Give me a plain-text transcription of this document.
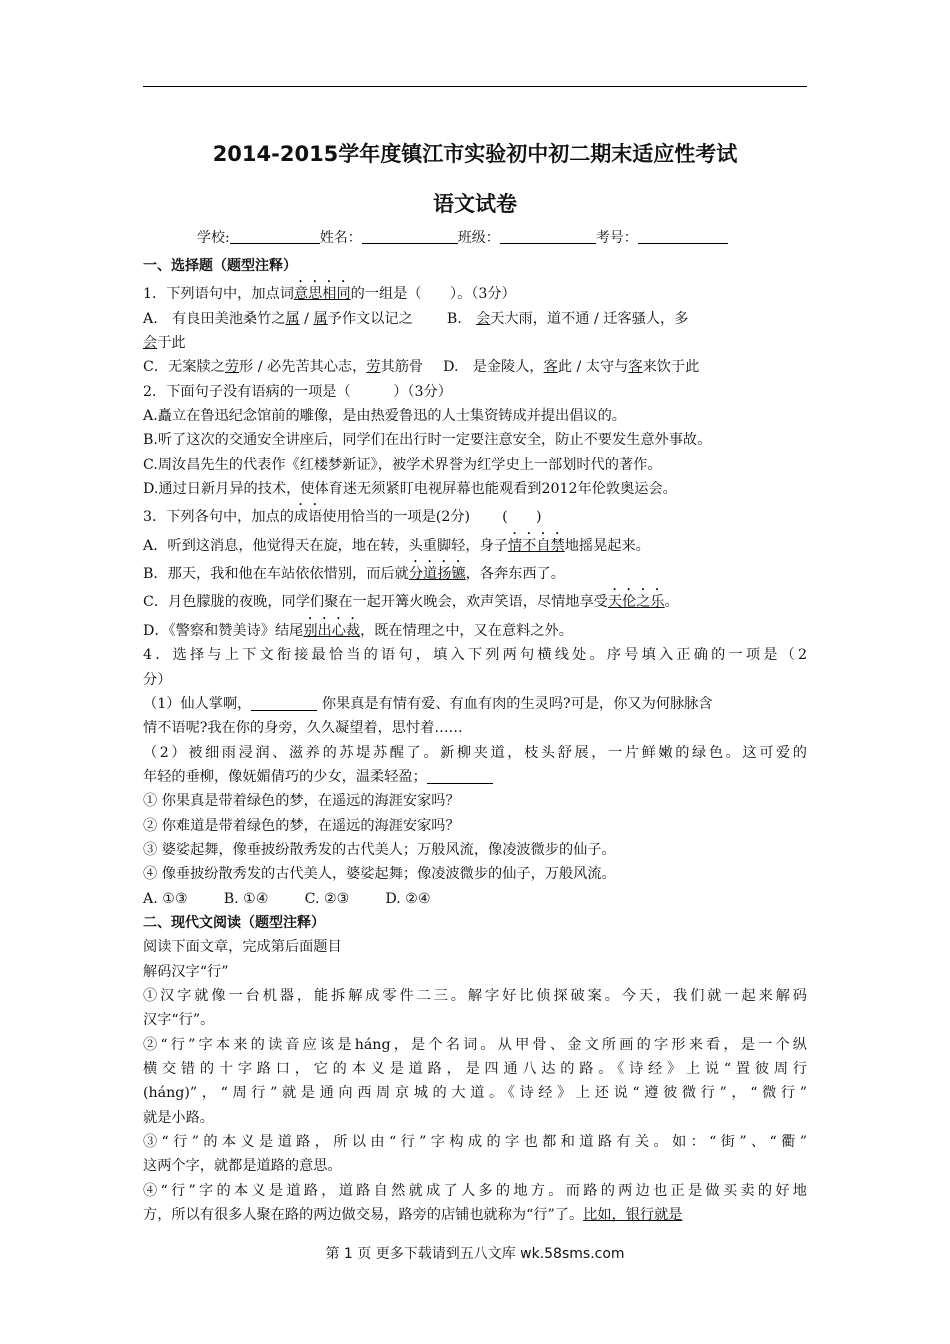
2014-2015学年度镇江市实验初中初二期末适应性考试
语文试卷
学校:	姓名：	班级：	考号：
一、选择题（题型注释）
1．下列语句中，加点词意思相同的一组是（　　）。（3分）
A.　有良田美池桑竹之属 / 属予作文以记之 B.　会天大雨，道不通 / 迁客骚人，多
会于此
C．无案牍之劳形 / 必先苦其心志，劳其筋骨 D.　是金陵人，客此 / 太守与客来饮于此
2．下面句子没有语病的一项是（　　　）（3分）
A.矗立在鲁迅纪念馆前的雕像，是由热爱鲁迅的人士集资铸成并提出倡议的。
B.听了这次的交通安全讲座后，同学们在出行时一定要注意安全，防止不要发生意外事故。
C.周汝昌先生的代表作《红楼梦新证》，被学术界誉为红学史上一部划时代的著作。
D.通过日新月异的技术，使体育迷无须紧盯电视屏幕也能观看到2012年伦敦奥运会。
3．下列各句中，加点的成语使用恰当的一项是(2分) (　　)
A．听到这消息，他觉得天在旋，地在转，头重脚轻，身子情不自禁地摇晃起来。
B．那天，我和他在车站依依惜别，而后就分道扬镳，各奔东西了。
C．月色朦胧的夜晚，同学们聚在一起开篝火晚会，欢声笑语，尽情地享受天伦之乐。
D．《警察和赞美诗》结尾别出心裁，既在情理之中，又在意料之外。
4．选择与上下文衔接最恰当的语句，填入下列两句横线处。序号填入正确的一项是（2
分）
（1）仙人掌啊，	你果真是有情有爱、有血有肉的生灵吗?可是，你又为何脉脉含
情不语呢?我在你的身旁，久久凝望着，思忖着……
（2）被细雨浸润、滋养的苏堤苏醒了。新柳夹道，枝头舒展，一片鲜嫩的绿色。这可爱的
年轻的垂柳，像妩媚倩巧的少女，温柔轻盈；
① 你果真是带着绿色的梦，在遥远的海涯安家吗？
② 你难道是带着绿色的梦，在遥远的海涯安家吗？
③ 婆娑起舞，像垂披纷散秀发的古代美人；万般风流，像凌波微步的仙子。
④ 像垂披纷散秀发的古代美人，婆娑起舞；像凌波微步的仙子，万般风流。
A. ①③	B. ①④	C. ②③	D. ②④
二、现代文阅读（题型注释）
阅读下面文章，完成第后面题目
解码汉字“行”
①汉字就像一台机器，能拆解成零件二三。解字好比侦探破案。今天，我们就一起来解码
汉字“行”。
②“行”字本来的读音应该是háng，是个名词。从甲骨、金文所画的字形来看，是一个纵
横交错的十字路口，它的本义是道路，是四通八达的路。《诗经》上说“置彼周行
(háng)”，“周行”就是通向西周京城的大道。《诗经》上还说“遵彼微行”，“微行”
就是小路。
③“行”的本义是道路，所以由“行”字构成的字也都和道路有关。如：“街”、“衢”
这两个字，就都是道路的意思。
④“行”字的本义是道路，道路自然就成了人多的地方。而路的两边也正是做买卖的好地
方，所以有很多人聚在路的两边做交易，路旁的店铺也就称为“行”了。比如，银行就是
第 1 页 更多下载请到五八文库 wk.58sms.com
